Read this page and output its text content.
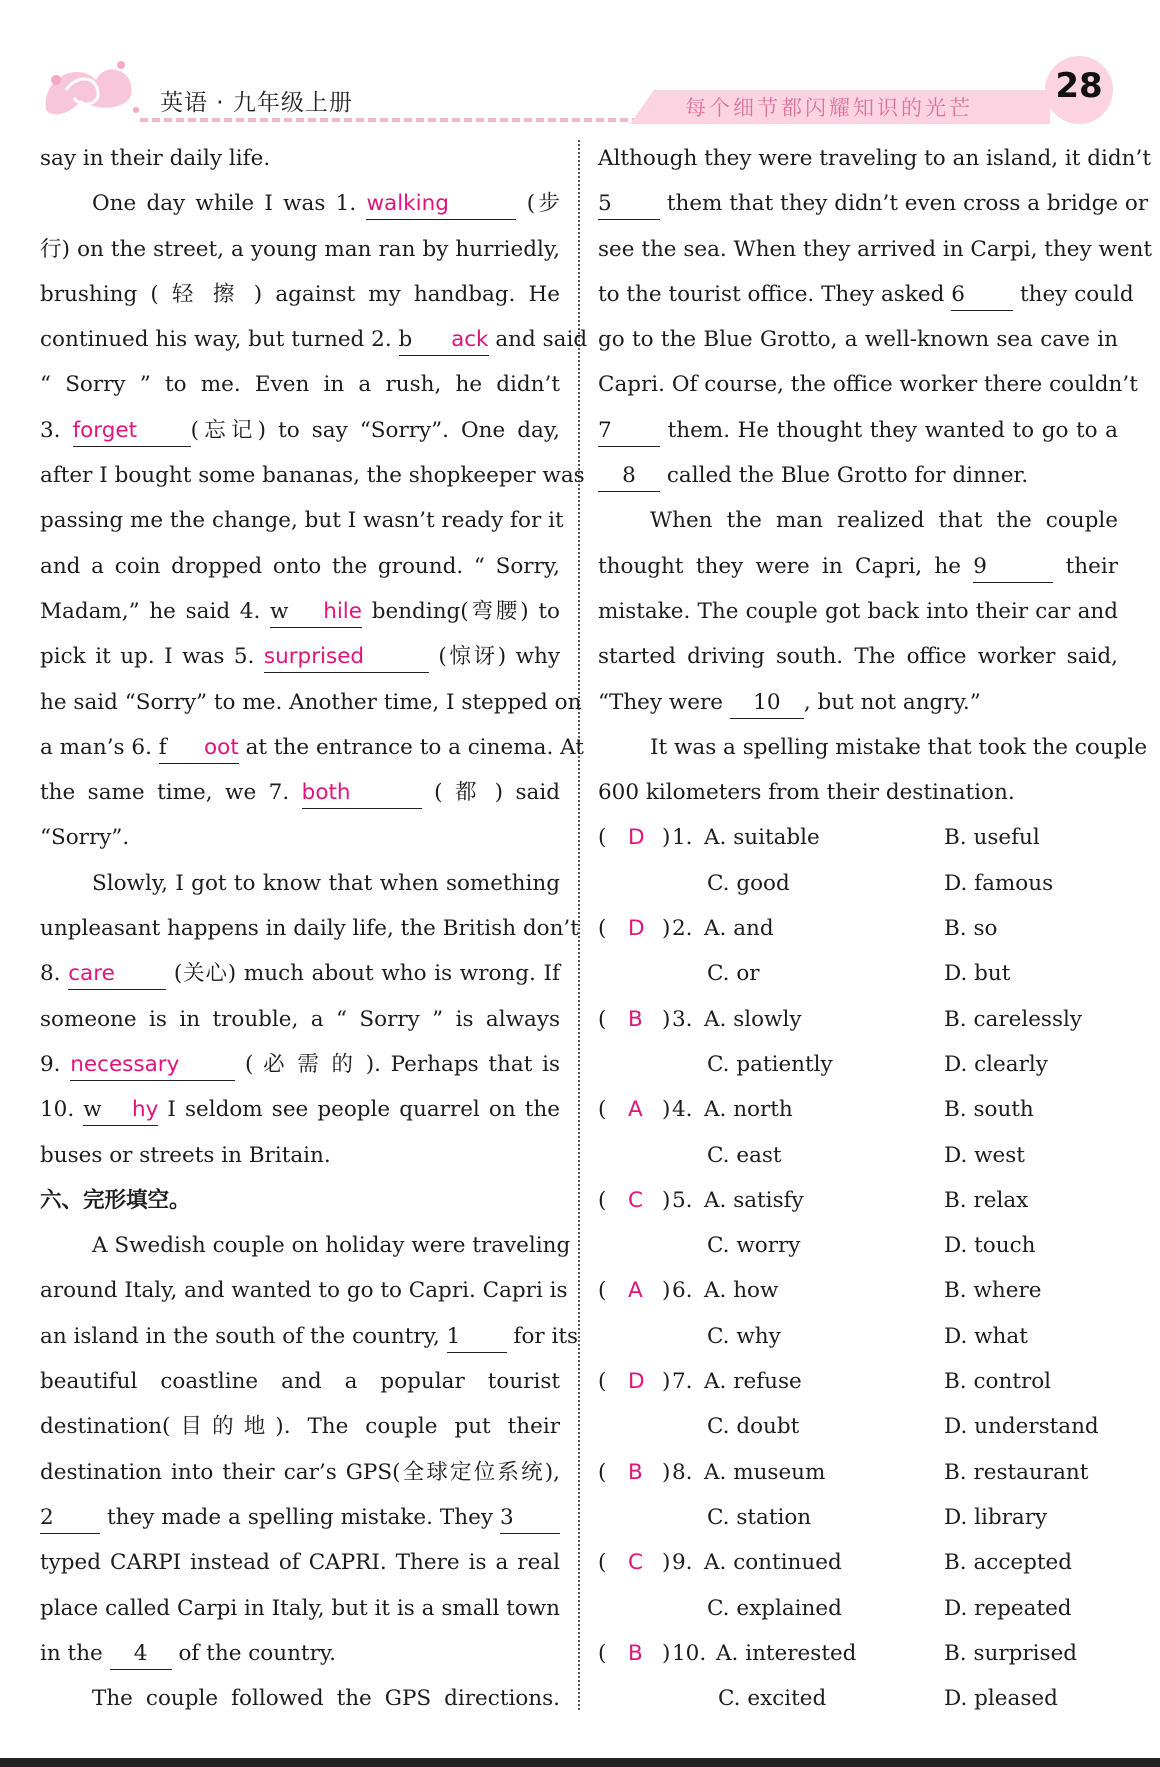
英语 · 九年级上册	每个细节都闪耀知识的光芒
28

say in their daily life.

One day while I was 1. walking	(步

行) on the street, a young man ran by hurriedly,

brushing ( 轻 擦 ) against my handbag. He

continued his way, but turned 2. b ack and said

“ Sorry ” to me. Even in a rush, he didn’t

3. forget (忘记) to say “Sorry”. One day,

after I bought some bananas, the shopkeeper was

passing me the change, but I wasn’t ready for it

and a coin dropped onto the ground. “ Sorry,

Madam,” he said 4. w hile bending(弯腰) to

pick it up. I was 5. surprised	(惊讶) why

he said “Sorry” to me. Another time, I stepped on

a man’s 6. f oot at the entrance to a cinema. At

the same time, we 7. both	( 都 ) said

“Sorry”.

Slowly, I got to know that when something

unpleasant happens in daily life, the British don’t

8. care	(关心) much about who is wrong. If

someone is in trouble, a “ Sorry ” is always

9. necessary	( 必 需 的 ). Perhaps that is

10. w hy I seldom see people quarrel on the

buses or streets in Britain.

六、完形填空。

A Swedish couple on holiday were traveling

around Italy, and wanted to go to Capri. Capri is

an island in the south of the country, 1 for its

beautiful coastline and a popular tourist

destination(目的地). The couple put their

destination into their car’s GPS(全球定位系统),

2 they made a spelling mistake. They 3

typed CARPI instead of CAPRI. There is a real

place called Carpi in Italy, but it is a small town

in the 4 of the country.

The couple followed the GPS directions.

Although they were traveling to an island, it didn’t

5	them that they didn’t even cross a bridge or

see the sea. When they arrived in Carpi, they went

to the tourist office. They asked 6	they could

go to the Blue Grotto, a well-known sea cave in

Capri. Of course, the office worker there couldn’t

7	them. He thought they wanted to go to a

8 called the Blue Grotto for dinner.

When the man realized that the couple

thought they were in Capri, he 9	their

mistake. The couple got back into their car and

started driving south. The office worker said,

“They were 10 , but not angry.”

It was a spelling mistake that took the couple

600 kilometers from their destination.

( D ) 1. A. suitable	B. useful
C. good	D. famous
( D ) 2. A. and	B. so
C. or	D. but
( B ) 3. A. slowly	B. carelessly
C. patiently	D. clearly
( A ) 4. A. north	B. south
C. east	D. west
( C ) 5. A. satisfy	B. relax
C. worry	D. touch
( A ) 6. A. how	B. where
C. why	D. what
( D ) 7. A. refuse	B. control
C. doubt	D. understand
( B ) 8. A. museum	B. restaurant
C. station	D. library
( C ) 9. A. continued	B. accepted
C. explained	D. repeated
( B ) 10. A. interested	B. surprised
C. excited	D. pleased
